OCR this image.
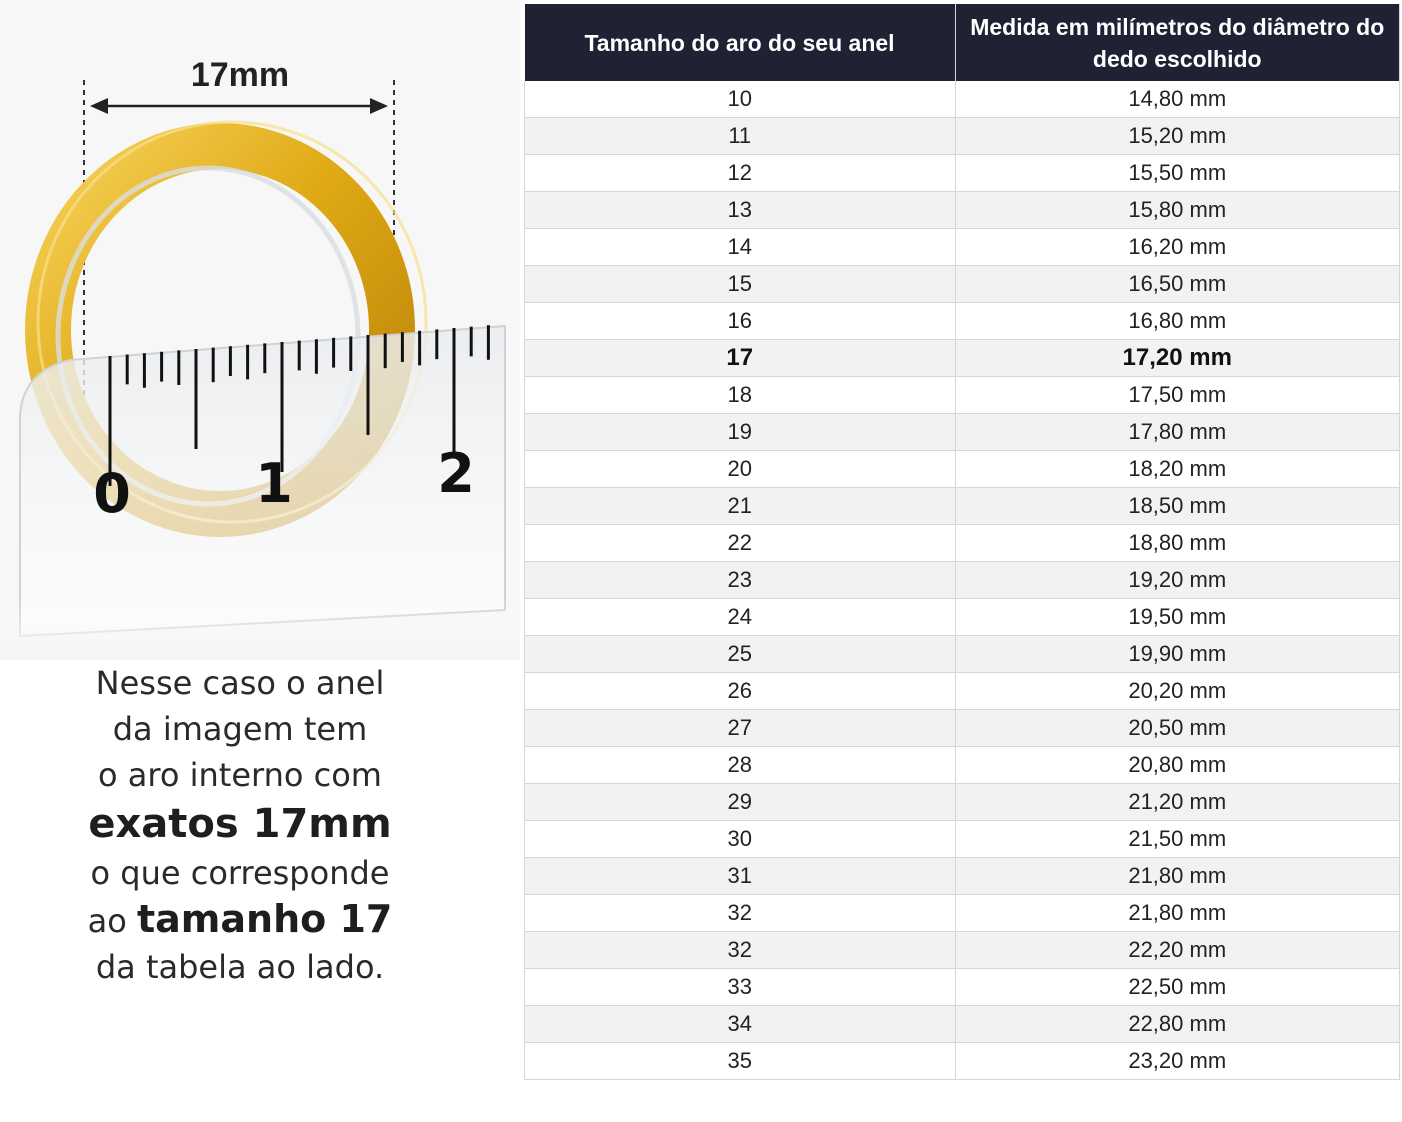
17mm
0 1	2
Nesse caso o anel
da imagem tem
o aro interno com
exatos 17mm
o que corresponde
ao tamanho 17
da tabela ao lado.
Tamanho do aro do seu anel	Medida em milímetros do diâmetro do dedo escolhido
10	14,80 mm
11	15,20 mm
12	15,50 mm
13	15,80 mm
14	16,20 mm
15	16,50 mm
16	16,80 mm
17	17,20 mm
18	17,50 mm
19	17,80 mm
20	18,20 mm
21	18,50 mm
22	18,80 mm
23	19,20 mm
24	19,50 mm
25	19,90 mm
26	20,20 mm
27	20,50 mm
28	20,80 mm
29	21,20 mm
30	21,50 mm
31	21,80 mm
32	21,80 mm
32	22,20 mm
33	22,50 mm
34	22,80 mm
35	23,20 mm
